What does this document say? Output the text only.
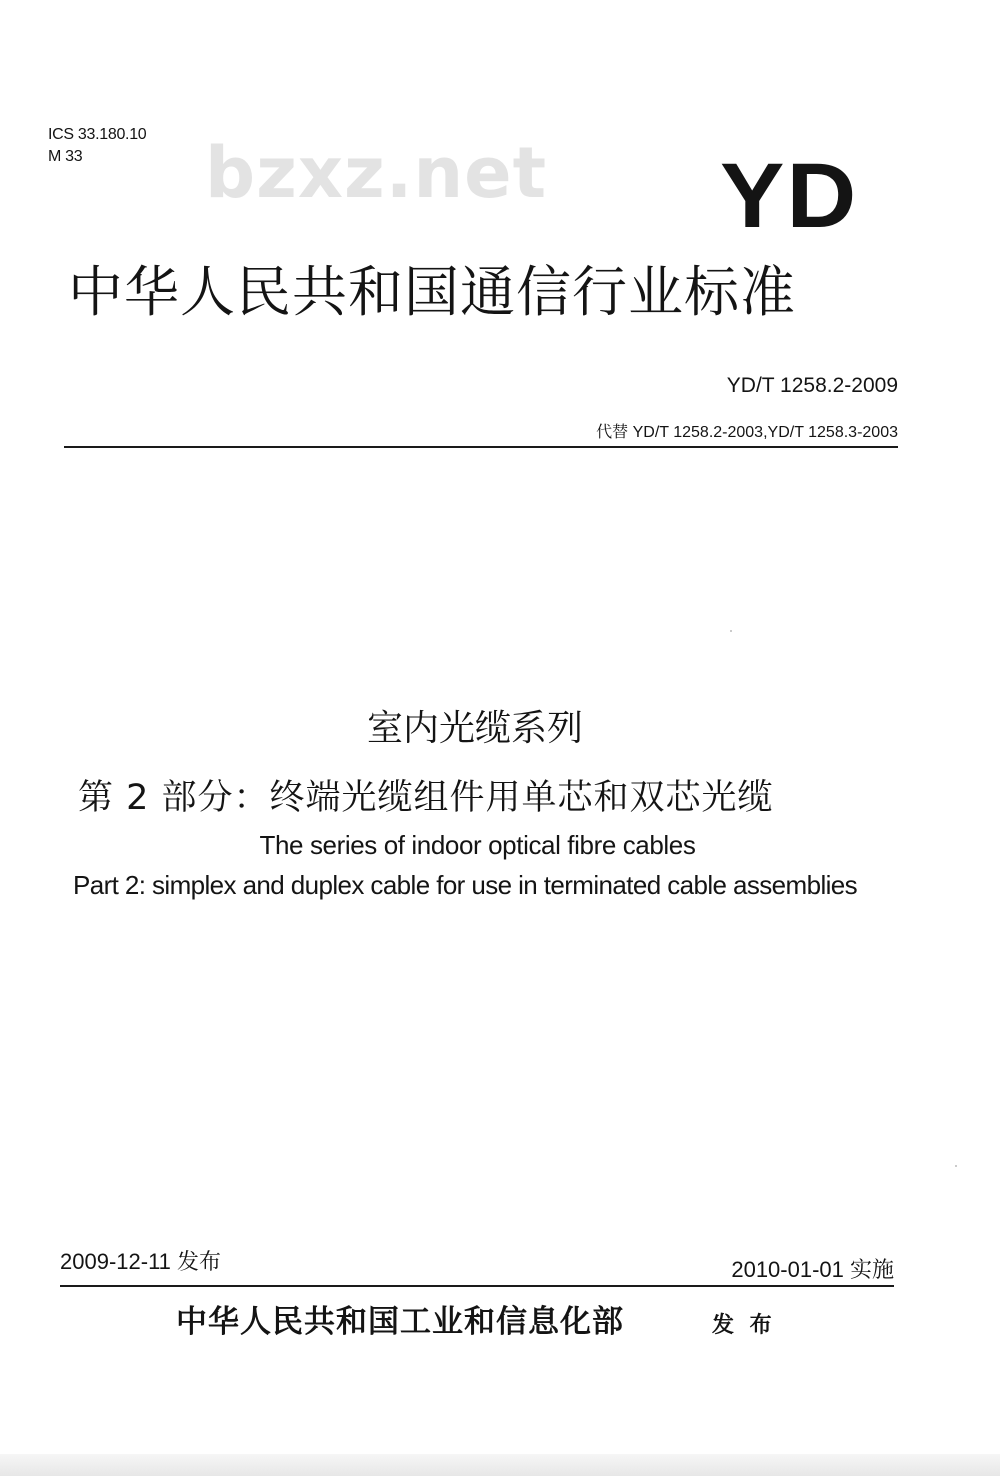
ICS 33.180.10
M 33	bzxz.net YD
中华人民共和国通信行业标准
YD/T 1258.2-2009
代替 YD/T 1258.2-2003,YD/T 1258.3-2003
室内光缆系列
第 2 部分：终端光缆组件用单芯和双芯光缆
The series of indoor optical fibre cables
Part 2: simplex and duplex cable for use in terminated cable assemblies
2009-12-11 发布	2010-01-01 实施
中华人民共和国工业和信息化部	发 布
